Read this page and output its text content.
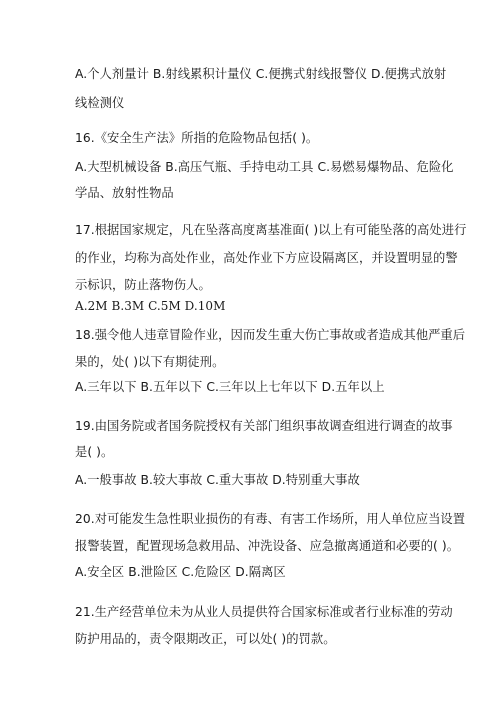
A.个人剂量计 B.射线累积计量仪 C.便携式射线报警仪 D.便携式放射
线检测仪
16.《安全生产法》所指的危险物品包括( )。
A.大型机械设备 B.高压气瓶、手持电动工具 C.易燃易爆物品、危险化
学品、放射性物品
17.根据国家规定，凡在坠落高度离基准面( )以上有可能坠落的高处进行
的作业，均称为高处作业，高处作业下方应设隔离区，并设置明显的警
示标识，防止落物伤人。
A.2M B.3M C.5M D.10M
18.强令他人违章冒险作业，因而发生重大伤亡事故或者造成其他严重后
果的，处( )以下有期徒刑。
A.三年以下 B.五年以下 C.三年以上七年以下 D.五年以上
19.由国务院或者国务院授权有关部门组织事故调查组进行调查的故事
是( )。
A.一般事故 B.较大事故 C.重大事故 D.特别重大事故
20.对可能发生急性职业损伤的有毒、有害工作场所，用人单位应当设置
报警装置，配置现场急救用品、冲洗设备、应急撤离通道和必要的( )。
A.安全区 B.泄险区 C.危险区 D.隔离区
21.生产经营单位未为从业人员提供符合国家标准或者行业标准的劳动
防护用品的，责令限期改正，可以处( )的罚款。
